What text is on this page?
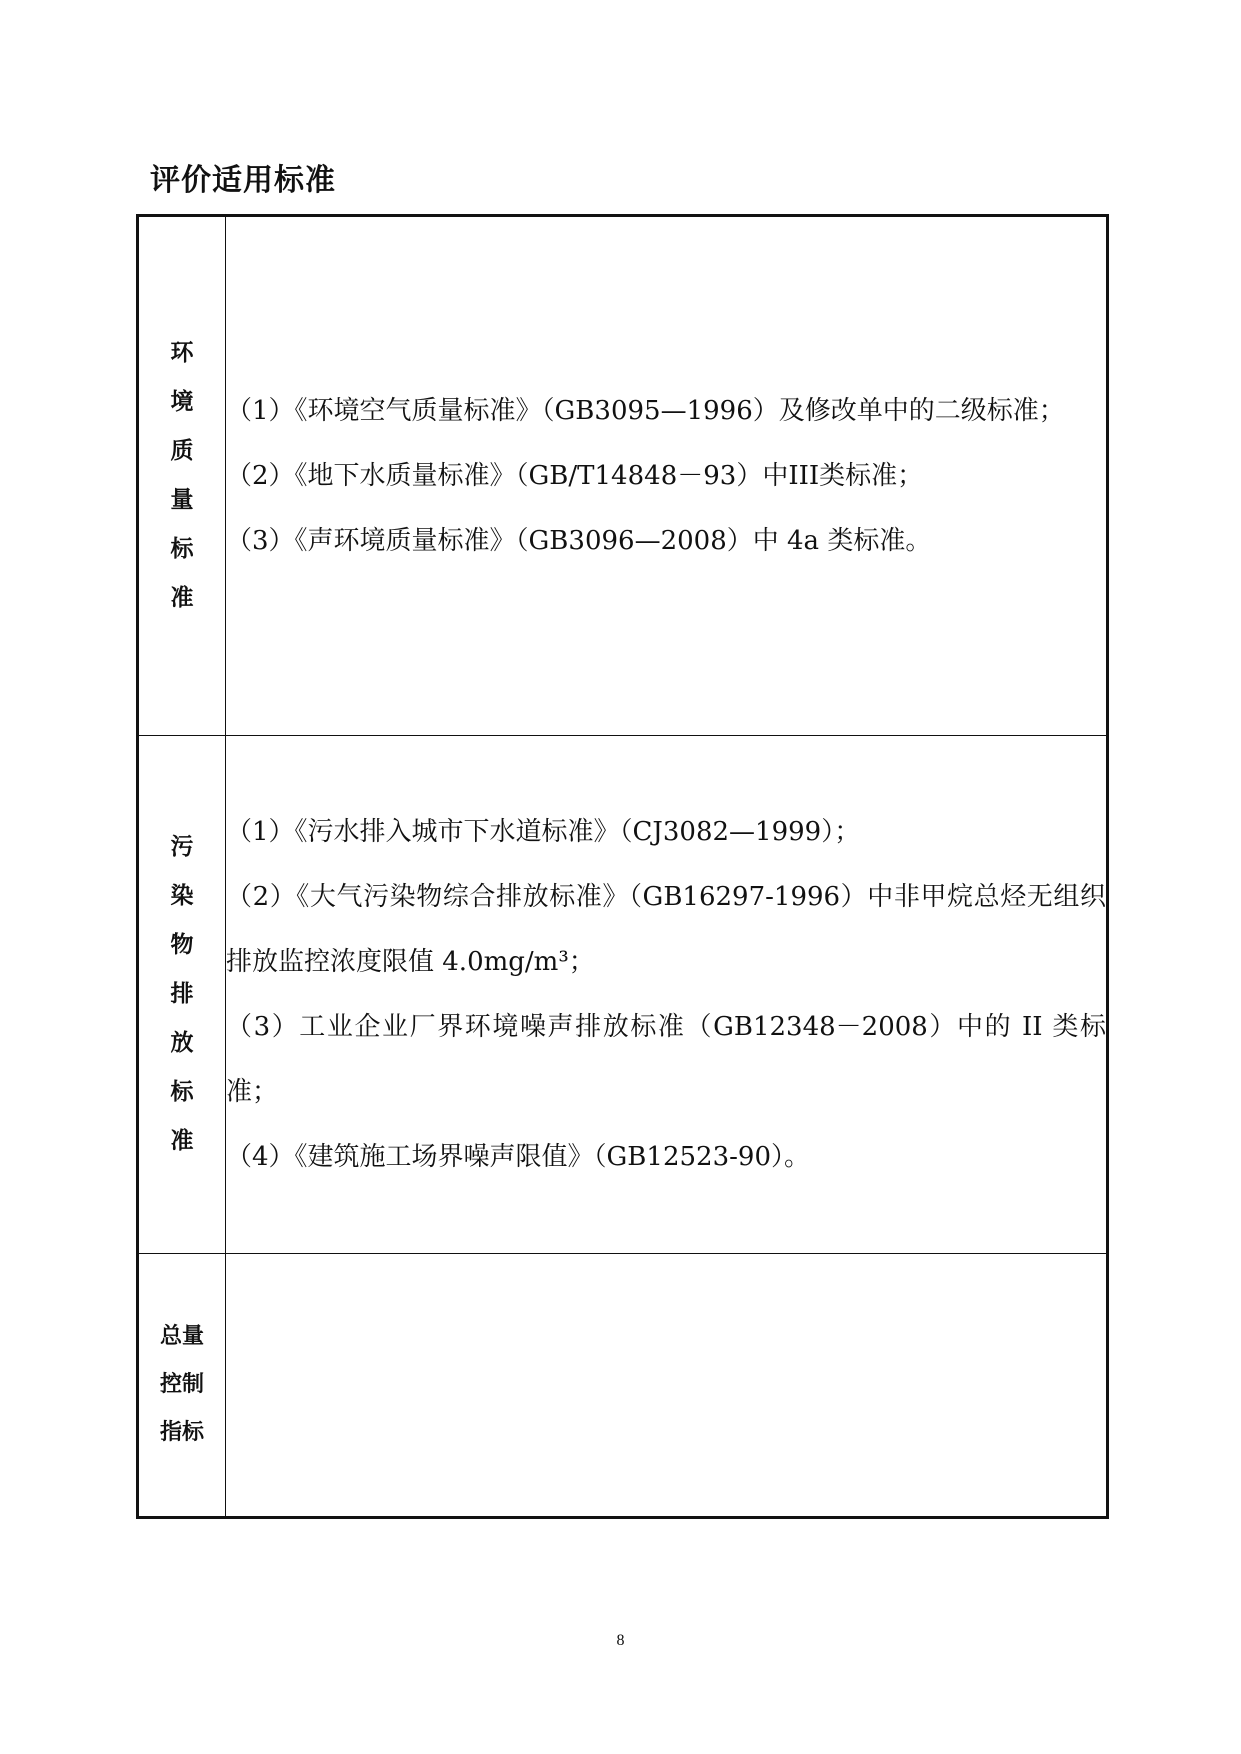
评价适用标准
环境质量标准	（1）《环境空气质量标准》（GB3095—1996）及修改单中的二级标准；

（2）《地下水质量标准》（GB/T14848－93）中III类标准；

（3）《声环境质量标准》（GB3096—2008）中 4a 类标准。

污染物排放标准	（1）《污水排入城市下水道标准》（CJ3082—1999）；

（2）《大气污染物综合排放标准》（GB16297-1996）中非甲烷总烃无组织排放监控浓度限值 4.0mg/m³；

（3）工业企业厂界环境噪声排放标准（GB12348－2008）中的 II 类标准；

（4）《建筑施工场界噪声限值》（GB12523-90）。

总量控制指标	
8
